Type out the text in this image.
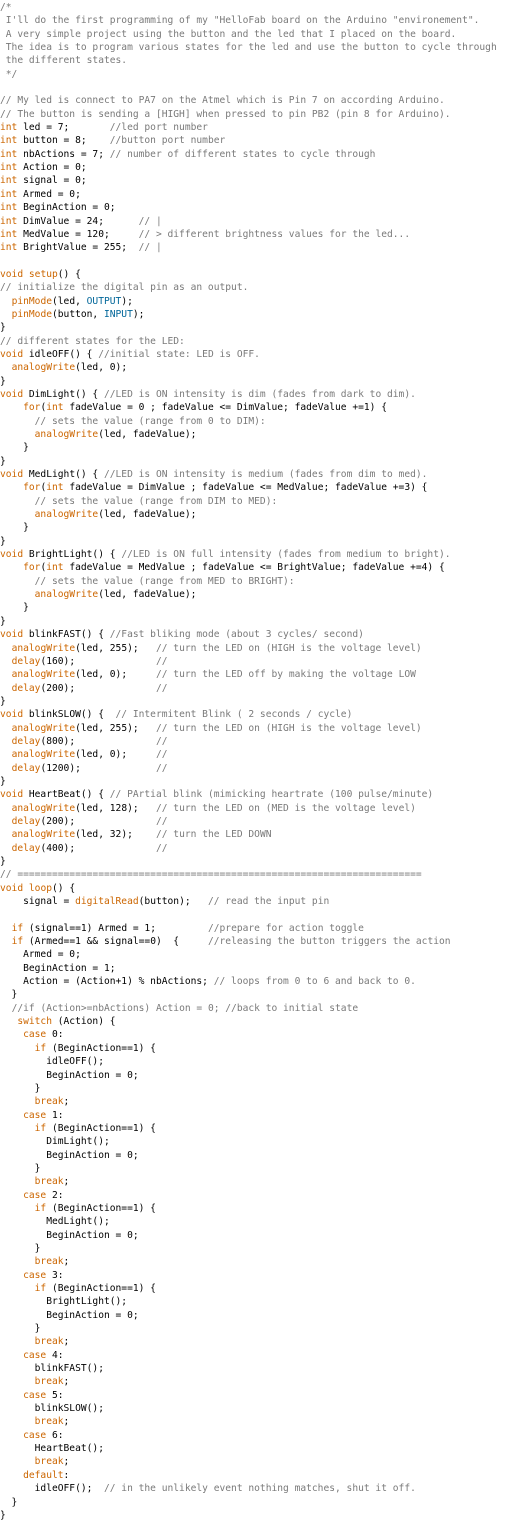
/*
I'll do the first programming of my "HelloFab board on the Arduino "environement".
A very simple project using the button and the led that I placed on the board.
The idea is to program various states for the led and use the button to cycle through
the different states.
*/
// My led is connect to PA7 on the Atmel which is Pin 7 on according Arduino.
// The button is sending a [HIGH] when pressed to pin PB2 (pin 8 for Arduino).
int led = 7;       //led port number
int button = 8;    //button port number
int nbActions = 7; // number of different states to cycle through
int Action = 0;
int signal = 0;
int Armed = 0;
int BeginAction = 0;
int DimValue = 24;      // |
int MedValue = 120;     // > different brightness values for the led...
int BrightValue = 255;  // |
void setup() {
// initialize the digital pin as an output.
pinMode(led, OUTPUT);
pinMode(button, INPUT);
}
// different states for the LED:
void idleOFF() { //initial state: LED is OFF.
analogWrite(led, 0);
}
void DimLight() { //LED is ON intensity is dim (fades from dark to dim).
for(int fadeValue = 0 ; fadeValue <= DimValue; fadeValue +=1) {
// sets the value (range from 0 to DIM):
analogWrite(led, fadeValue);
}
}
void MedLight() { //LED is ON intensity is medium (fades from dim to med).
for(int fadeValue = DimValue ; fadeValue <= MedValue; fadeValue +=3) {
// sets the value (range from DIM to MED):
analogWrite(led, fadeValue);
}
}
void BrightLight() { //LED is ON full intensity (fades from medium to bright).
for(int fadeValue = MedValue ; fadeValue <= BrightValue; fadeValue +=4) {
// sets the value (range from MED to BRIGHT):
analogWrite(led, fadeValue);
}
}
void blinkFAST() { //Fast bliking mode (about 3 cycles/ second)
analogWrite(led, 255);   // turn the LED on (HIGH is the voltage level)
delay(160);              //
analogWrite(led, 0);     // turn the LED off by making the voltage LOW
delay(200);              //
}
void blinkSLOW() {  // Intermitent Blink ( 2 seconds / cycle)
analogWrite(led, 255);   // turn the LED on (HIGH is the voltage level)
delay(800);              //
analogWrite(led, 0);     //
delay(1200);             //
}
void HeartBeat() { // PArtial blink (mimicking heartrate (100 pulse/minute)
analogWrite(led, 128);   // turn the LED on (MED is the voltage level)
delay(200);              //
analogWrite(led, 32);    // turn the LED DOWN
delay(400);              //
}
// ======================================================================
void loop() {
signal = digitalRead(button);   // read the input pin
if (signal==1) Armed = 1;         //prepare for action toggle
if (Armed==1 && signal==0)  {     //releasing the button triggers the action
Armed = 0;
BeginAction = 1;
Action = (Action+1) % nbActions; // loops from 0 to 6 and back to 0.
}
//if (Action>=nbActions) Action = 0; //back to initial state
switch (Action) {
case 0:
if (BeginAction==1) {
idleOFF();
BeginAction = 0;
}
break;
case 1:
if (BeginAction==1) {
DimLight();
BeginAction = 0;
}
break;
case 2:
if (BeginAction==1) {
MedLight();
BeginAction = 0;
}
break;
case 3:
if (BeginAction==1) {
BrightLight();
BeginAction = 0;
}
break;
case 4:
blinkFAST();
break;
case 5:
blinkSLOW();
break;
case 6:
HeartBeat();
break;
default:
idleOFF();  // in the unlikely event nothing matches, shut it off.
}
}
